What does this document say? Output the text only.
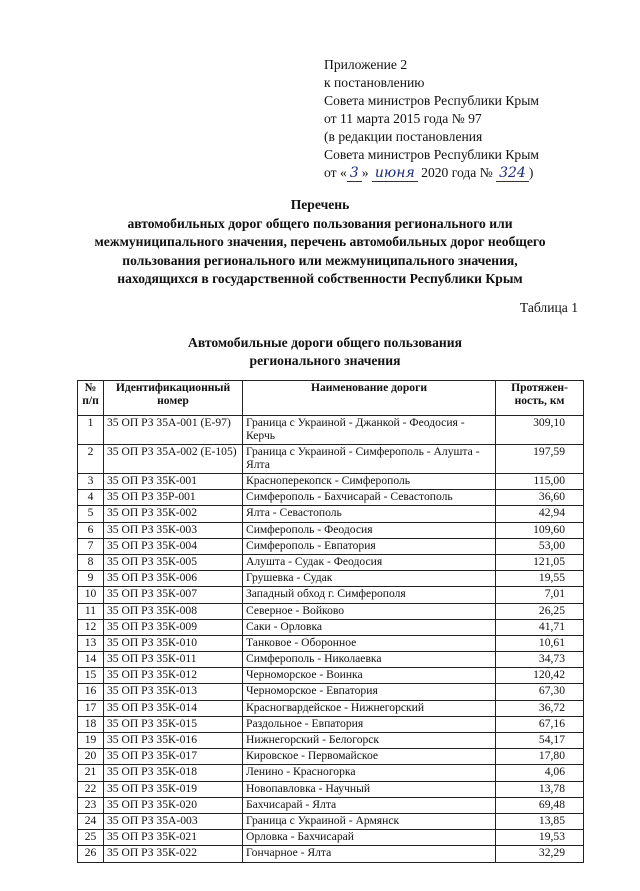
Приложение 2
к постановлению
Совета министров Республики Крым
от 11 марта 2015 года № 97
(в редакции постановления
Совета министров Республики Крым
от « 3 » июня 2020 года № 324 )
Перечень
автомобильных дорог общего пользования регионального или
межмуниципального значения, перечень автомобильных дорог необщего
пользования регионального или межмуниципального значения,
находящихся в государственной собственности Республики Крым
Таблица 1
Автомобильные дороги общего пользования
регионального значения
№ п/п	Идентификационный номер	Наименование дороги	Протяжен-ность, км
1	35 ОП РЗ 35А-001 (Е-97)	Граница с Украиной - Джанкой - Феодосия - Керчь	309,10
2	35 ОП РЗ 35А-002 (Е-105)	Граница с Украиной - Симферополь - Алушта - Ялта	197,59
3	35 ОП РЗ 35К-001	Красноперекопск - Симферополь	115,00
4	35 ОП РЗ 35Р-001	Симферополь - Бахчисарай - Севастополь	36,60
5	35 ОП РЗ 35К-002	Ялта - Севастополь	42,94
6	35 ОП РЗ 35К-003	Симферополь - Феодосия	109,60
7	35 ОП РЗ 35К-004	Симферополь - Евпатория	53,00
8	35 ОП РЗ 35К-005	Алушта - Судак - Феодосия	121,05
9	35 ОП РЗ 35К-006	Грушевка - Судак	19,55
10	35 ОП РЗ 35К-007	Западный обход г. Симферополя	7,01
11	35 ОП РЗ 35К-008	Северное - Войково	26,25
12	35 ОП РЗ 35К-009	Саки - Орловка	41,71
13	35 ОП РЗ 35К-010	Танковое - Оборонное	10,61
14	35 ОП РЗ 35К-011	Симферополь - Николаевка	34,73
15	35 ОП РЗ 35К-012	Черноморское - Воинка	120,42
16	35 ОП РЗ 35К-013	Черноморское - Евпатория	67,30
17	35 ОП РЗ 35К-014	Красногвардейское - Нижнегорский	36,72
18	35 ОП РЗ 35К-015	Раздольное - Евпатория	67,16
19	35 ОП РЗ 35К-016	Нижнегорский - Белогорск	54,17
20	35 ОП РЗ 35К-017	Кировское - Первомайское	17,80
21	35 ОП РЗ 35К-018	Ленино - Красногорка	4,06
22	35 ОП РЗ 35К-019	Новопавловка - Научный	13,78
23	35 ОП РЗ 35К-020	Бахчисарай - Ялта	69,48
24	35 ОП РЗ 35А-003	Граница с Украиной - Армянск	13,85
25	35 ОП РЗ 35К-021	Орловка - Бахчисарай	19,53
26	35 ОП РЗ 35К-022	Гончарное - Ялта	32,29
